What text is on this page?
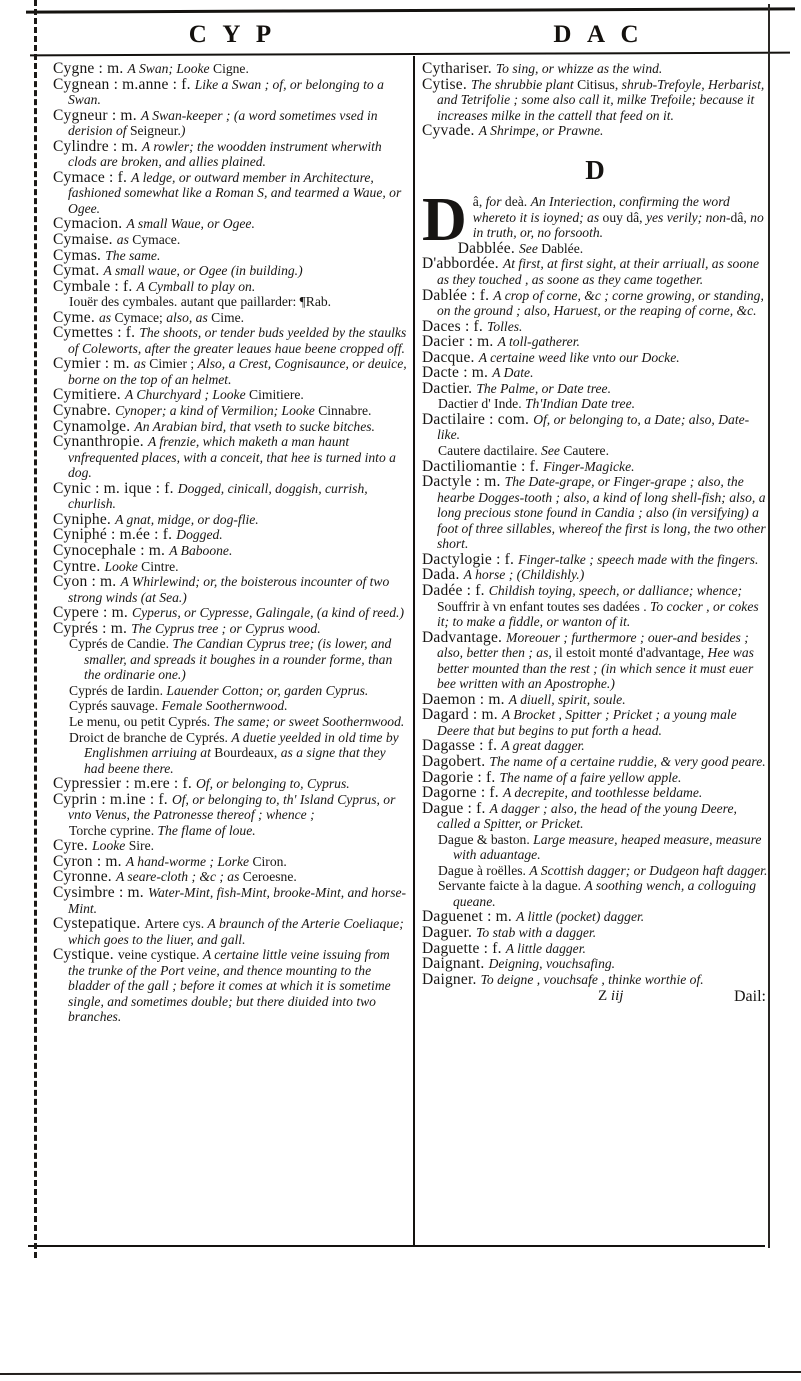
CYP	DAC
Cygne : m. A Swan; Looke Cigne.
Cygnean : m.anne : f. Like a Swan ; of, or belonging to a Swan.
Cygneur : m. A Swan-keeper ; (a word sometimes vsed in derision of Seigneur.)
Cylindre : m. A rowler; the woodden instrument wherwith clods are broken, and allies plained.
Cymace : f. A ledge, or outward member in Architecture, fashioned somewhat like a Roman S, and tearmed a Waue, or Ogee.
Cymacion. A small Waue, or Ogee.
Cymaise. as Cymace.
Cymas. The same.
Cymat. A small waue, or Ogee (in building.)
Cymbale : f. A Cymball to play on.
Iouër des cymbales. autant que paillarder: ¶Rab.
Cyme. as Cymace; also, as Cime.
Cymettes : f. The shoots, or tender buds yeelded by the staulks of Coleworts, after the greater leaues haue beene cropped off.
Cymier : m. as Cimier ; Also, a Crest, Cognisaunce, or deuice, borne on the top of an helmet.
Cymitiere. A Churchyard ; Looke Cimitiere.
Cynabre. Cynoper; a kind of Vermilion; Looke Cinnabre.
Cynamolge. An Arabian bird, that vseth to sucke bitches.
Cynanthropie. A frenzie, which maketh a man haunt vnfrequented places, with a conceit, that hee is turned into a dog.
Cynic : m. ique : f. Dogged, cinicall, doggish, currish, churlish.
Cyniphe. A gnat, midge, or dog-flie.
Cyniphé : m.ée : f. Dogged.
Cynocephale : m. A Baboone.
Cyntre. Looke Cintre.
Cyon : m. A Whirlewind; or, the boisterous incounter of two strong winds (at Sea.)
Cypere : m. Cyperus, or Cypresse, Galingale, (a kind of reed.)
Cyprés : m. The Cyprus tree ; or Cyprus wood.
Cyprés de Candie. The Candian Cyprus tree; (is lower, and smaller, and spreads it boughes in a rounder forme, than the ordinarie one.)
Cyprés de Iardin. Lauender Cotton; or, garden Cyprus.
Cyprés sauvage. Female Soothernwood.
Le menu, ou petit Cyprés. The same; or sweet Soothernwood.
Droict de branche de Cyprés. A duetie yeelded in old time by Englishmen arriuing at Bourdeaux, as a signe that they had beene there.
Cypressier : m.ere : f. Of, or belonging to, Cyprus.
Cyprin : m.ine : f. Of, or belonging to, th' Island Cyprus, or vnto Venus, the Patronesse thereof ; whence ;
Torche cyprine. The flame of loue.
Cyre. Looke Sire.
Cyron : m. A hand-worme ; Lorke Ciron.
Cyronne. A seare-cloth ; &c ; as Ceroesne.
Cysimbre : m. Water-Mint, fish-Mint, brooke-Mint, and horse-Mint.
Cystepatique. Artere cys. A braunch of the Arterie Coeliaque; which goes to the liuer, and gall.
Cystique. veine cystique. A certaine little veine issuing from the trunke of the Port veine, and thence mounting to the bladder of the gall ; before it comes at which it is sometime single, and sometimes double; but there diuided into two branches.
Cythariser. To sing, or whizze as the wind.
Cytise. The shrubbie plant Citisus, shrub-Trefoyle, Herbarist, and Tetrifolie ; some also call it, milke Trefoile; because it increases milke in the cattell that feed on it.
Cyvade. A Shrimpe, or Prawne.
D
Dâ, for deà. An Interiection, confirming the word whereto it is ioyned; as ouy dâ, yes verily; non-dâ, no in truth, or, no forsooth.
Dabblée. See Dablée.
D'abbordée. At first, at first sight, at their arriuall, as soone as they touched , as soone as they came together.
Dablée : f. A crop of corne, &c ; corne growing, or standing, on the ground ; also, Haruest, or the reaping of corne, &c.
Daces : f. Tolles.
Dacier : m. A toll-gatherer.
Dacque. A certaine weed like vnto our Docke.
Dacte : m. A Date.
Dactier. The Palme, or Date tree.
Dactier d' Inde. Th'Indian Date tree.
Dactilaire : com. Of, or belonging to, a Date; also, Date-like.
Cautere dactilaire. See Cautere.
Dactiliomantie : f. Finger-Magicke.
Dactyle : m. The Date-grape, or Finger-grape ; also, the hearbe Dogges-tooth ; also, a kind of long shell-fish; also, a long precious stone found in Candia ; also (in versifying) a foot of three sillables, whereof the first is long, the two other short.
Dactylogie : f. Finger-talke ; speech made with the fingers.
Dada. A horse ; (Childishly.)
Dadée : f. Childish toying, speech, or dalliance; whence; Souffrir à vn enfant toutes ses dadées . To cocker , or cokes it; to make a fiddle, or wanton of it.
Dadvantage. Moreouer ; furthermore ; ouer-and besides ; also, better then ; as, il estoit monté d'advantage, Hee was better mounted than the rest ; (in which sence it must euer bee written with an Apostrophe.)
Daemon : m. A diuell, spirit, soule.
Dagard : m. A Brocket , Spitter ; Pricket ; a young male Deere that but begins to put forth a head.
Dagasse : f. A great dagger.
Dagobert. The name of a certaine ruddie, & very good peare.
Dagorie : f. The name of a faire yellow apple.
Dagorne : f. A decrepite, and toothlesse beldame.
Dague : f. A dagger ; also, the head of the young Deere, called a Spitter, or Pricket.
Dague & baston. Large measure, heaped measure, measure with aduantage.
Dague à roëlles. A Scottish dagger; or Dudgeon haft dagger.
Servante faicte à la dague. A soothing wench, a colloguing queane.
Daguenet : m. A little (pocket) dagger.
Daguer. To stab with a dagger.
Daguette : f. A little dagger.
Daignant. Deigning, vouchsafing.
Daigner. To deigne , vouchsafe , thinke worthie of.
Z iij	Dail:
